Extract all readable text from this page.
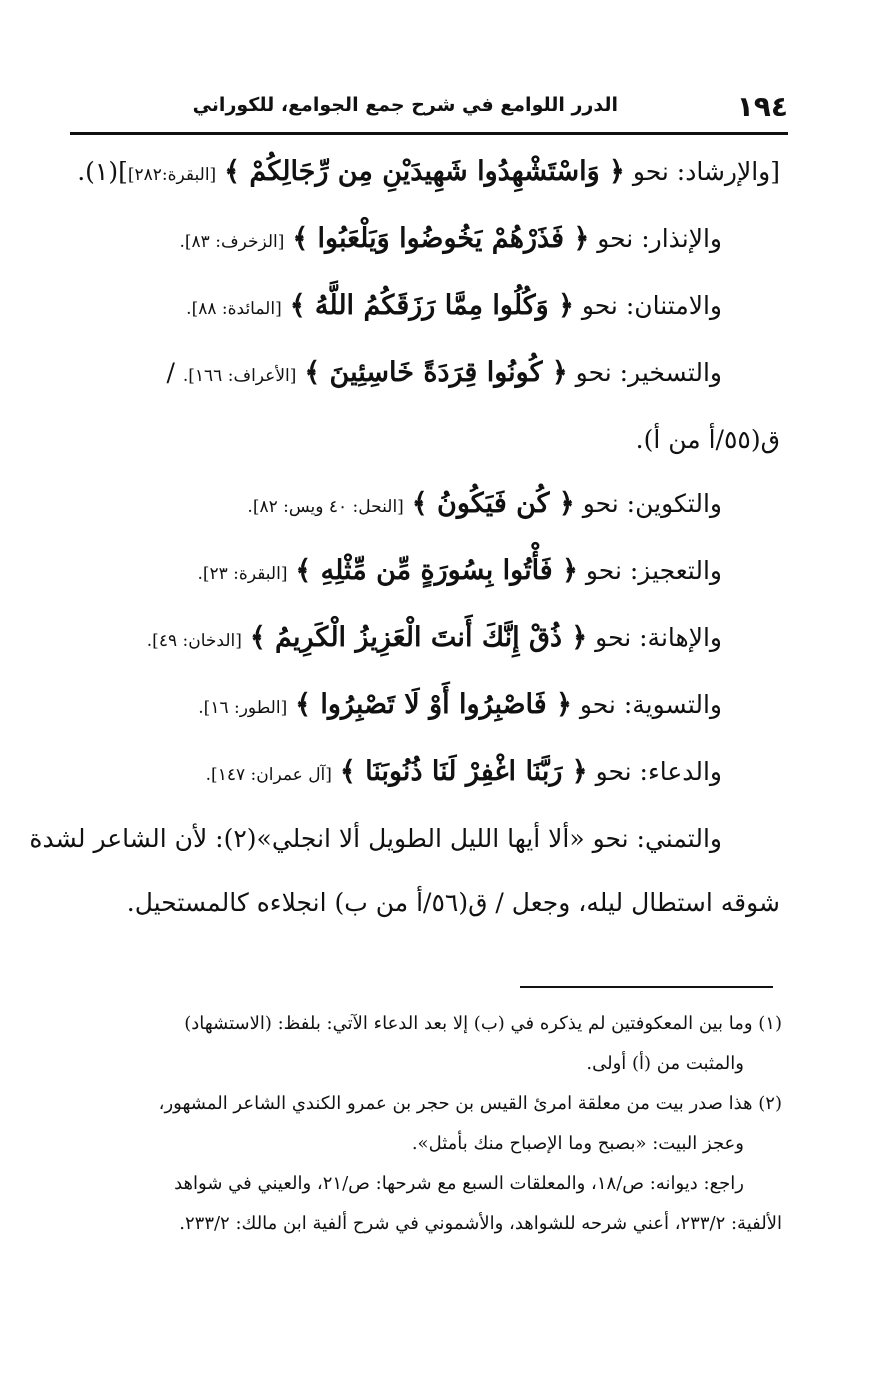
١٩٤
الدرر اللوامع في شرح جمع الجوامع، للكوراني
[والإرشاد: نحو ﴿ وَاسْتَشْهِدُوا شَهِيدَيْنِ مِن رِّجَالِكُمْ ﴾ [البقرة:٢٨٢]](١).
والإنذار: نحو ﴿ فَذَرْهُمْ يَخُوضُوا وَيَلْعَبُوا ﴾ [الزخرف: ٨٣].
والامتنان: نحو ﴿ وَكُلُوا مِمَّا رَزَقَكُمُ اللَّهُ ﴾ [المائدة: ٨٨].
والتسخير: نحو ﴿ كُونُوا قِرَدَةً خَاسِئِينَ ﴾ [الأعراف: ١٦٦]. /
ق(٥٥/أ من أ).
والتكوين: نحو ﴿ كُن فَيَكُونُ ﴾ [النحل: ٤٠ ويس: ٨٢].
والتعجيز: نحو ﴿ فَأْتُوا بِسُورَةٍ مِّن مِّثْلِهِ ﴾ [البقرة: ٢٣].
والإهانة: نحو ﴿ ذُقْ إِنَّكَ أَنتَ الْعَزِيزُ الْكَرِيمُ ﴾ [الدخان: ٤٩].
والتسوية: نحو ﴿ فَاصْبِرُوا أَوْ لَا تَصْبِرُوا ﴾ [الطور: ١٦].
والدعاء: نحو ﴿ رَبَّنَا اغْفِرْ لَنَا ذُنُوبَنَا ﴾ [آل عمران: ١٤٧].
والتمني: نحو «ألا أيها الليل الطويل ألا انجلي»(٢): لأن الشاعر لشدة
شوقه استطال ليله، وجعل / ق(٥٦/أ من ب) انجلاءه كالمستحيل.
(١) وما بين المعكوفتين لم يذكره في (ب) إلا بعد الدعاء الآتي: بلفظ: (الاستشهاد)
والمثبت من (أ) أولى.
(٢) هذا صدر بيت من معلقة امرئ القيس بن حجر بن عمرو الكندي الشاعر المشهور،
وعجز البيت: «بصبح وما الإصباح منك بأمثل».
راجع: ديوانه: ص/١٨، والمعلقات السبع مع شرحها: ص/٢١، والعيني في شواهد
الألفية: ٢٣٣/٢، أعني شرحه للشواهد، والأشموني في شرح ألفية ابن مالك: ٢٣٣/٢.
